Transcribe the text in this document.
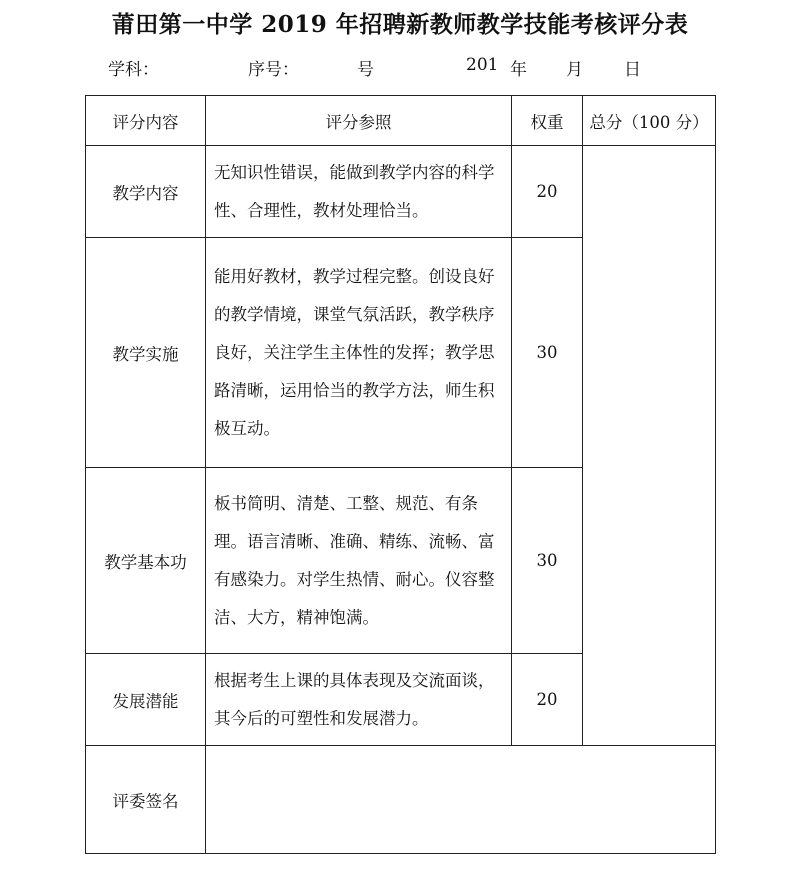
莆田第一中学 2019 年招聘新教师教学技能考核评分表
学科：	序号：	号	201 年 月 日
评分内容	评分参照	权重	总分（100 分）
教学内容	无知识性错误，能做到教学内容的科学性、合理性，教材处理恰当。	20	
教学实施	能用好教材，教学过程完整。创设良好的教学情境，课堂气氛活跃，教学秩序良好，关注学生主体性的发挥；教学思路清晰，运用恰当的教学方法，师生积极互动。	30	
教学基本功	板书简明、清楚、工整、规范、有条理。语言清晰、准确、精练、流畅、富有感染力。对学生热情、耐心。仪容整洁、大方，精神饱满。	30	
发展潜能	根据考生上课的具体表现及交流面谈，其今后的可塑性和发展潜力。	20	
评委签名			
